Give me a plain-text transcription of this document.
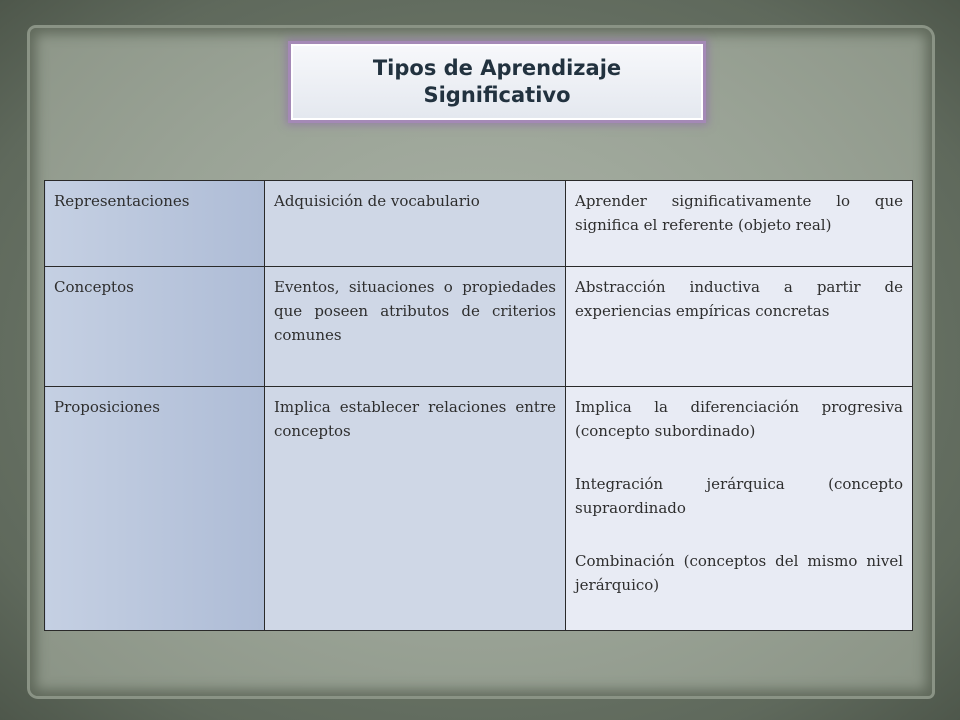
Tipos de Aprendizaje
Significativo
Representaciones	Adquisición de vocabulario	Aprender significativamente lo que significa el referente (objeto real)

Conceptos	Eventos, situaciones o propiedades que poseen atributos de criterios comunes	Abstracción inductiva a partir de experiencias empíricas concretas

Proposiciones	Implica establecer relaciones entre conceptos	Implica la diferenciación progresiva (concepto subordinado)

Integración jerárquica (concepto supraordinado

Combinación (conceptos del mismo nivel jerárquico)
